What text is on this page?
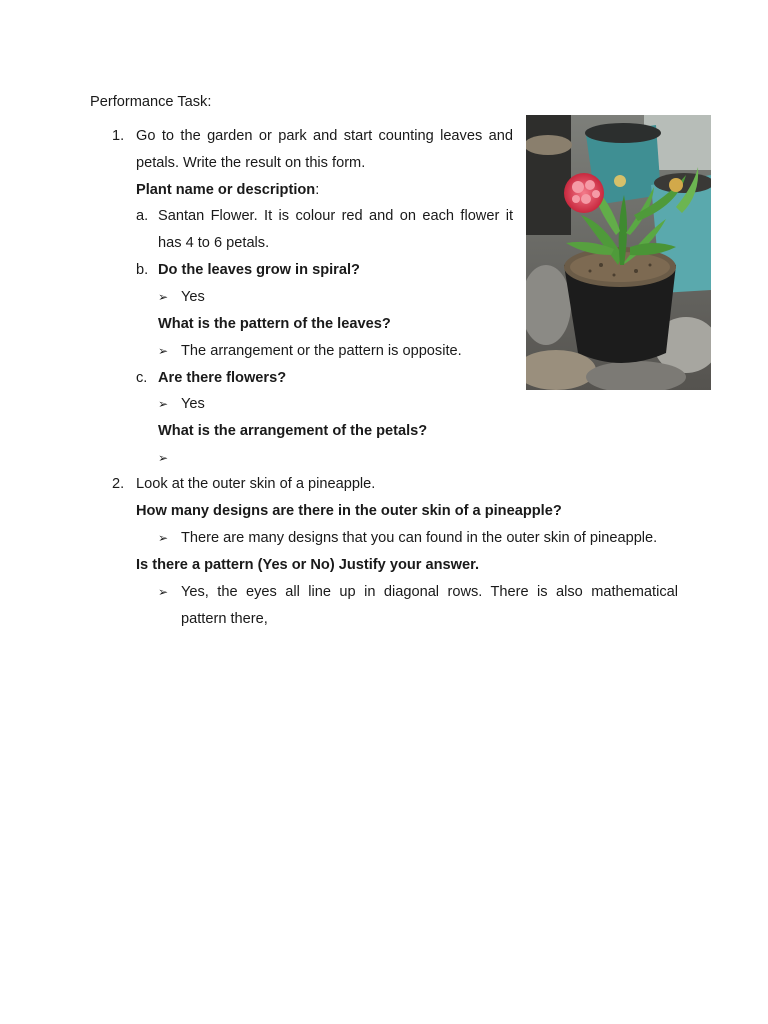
Performance Task:
1. Go to the garden or park and start counting leaves and
petals. Write the result on this form.
Plant name or description:
a. Santan Flower. It is colour red and on each flower it
has 4 to 6 petals.
b. Do the leaves grow in spiral?
➢ Yes
What is the pattern of the leaves?
➢ The arrangement or the pattern is opposite.
c. Are there flowers?
➢ Yes
What is the arrangement of the petals?
➢
2. Look at the outer skin of a pineapple.
How many designs are there in the outer skin of a pineapple?
➢ There are many designs that you can found in the outer skin of pineapple.
Is there a pattern (Yes or No) Justify your answer.
➢ Yes, the eyes all line up in diagonal rows. There is also mathematical
pattern there,
